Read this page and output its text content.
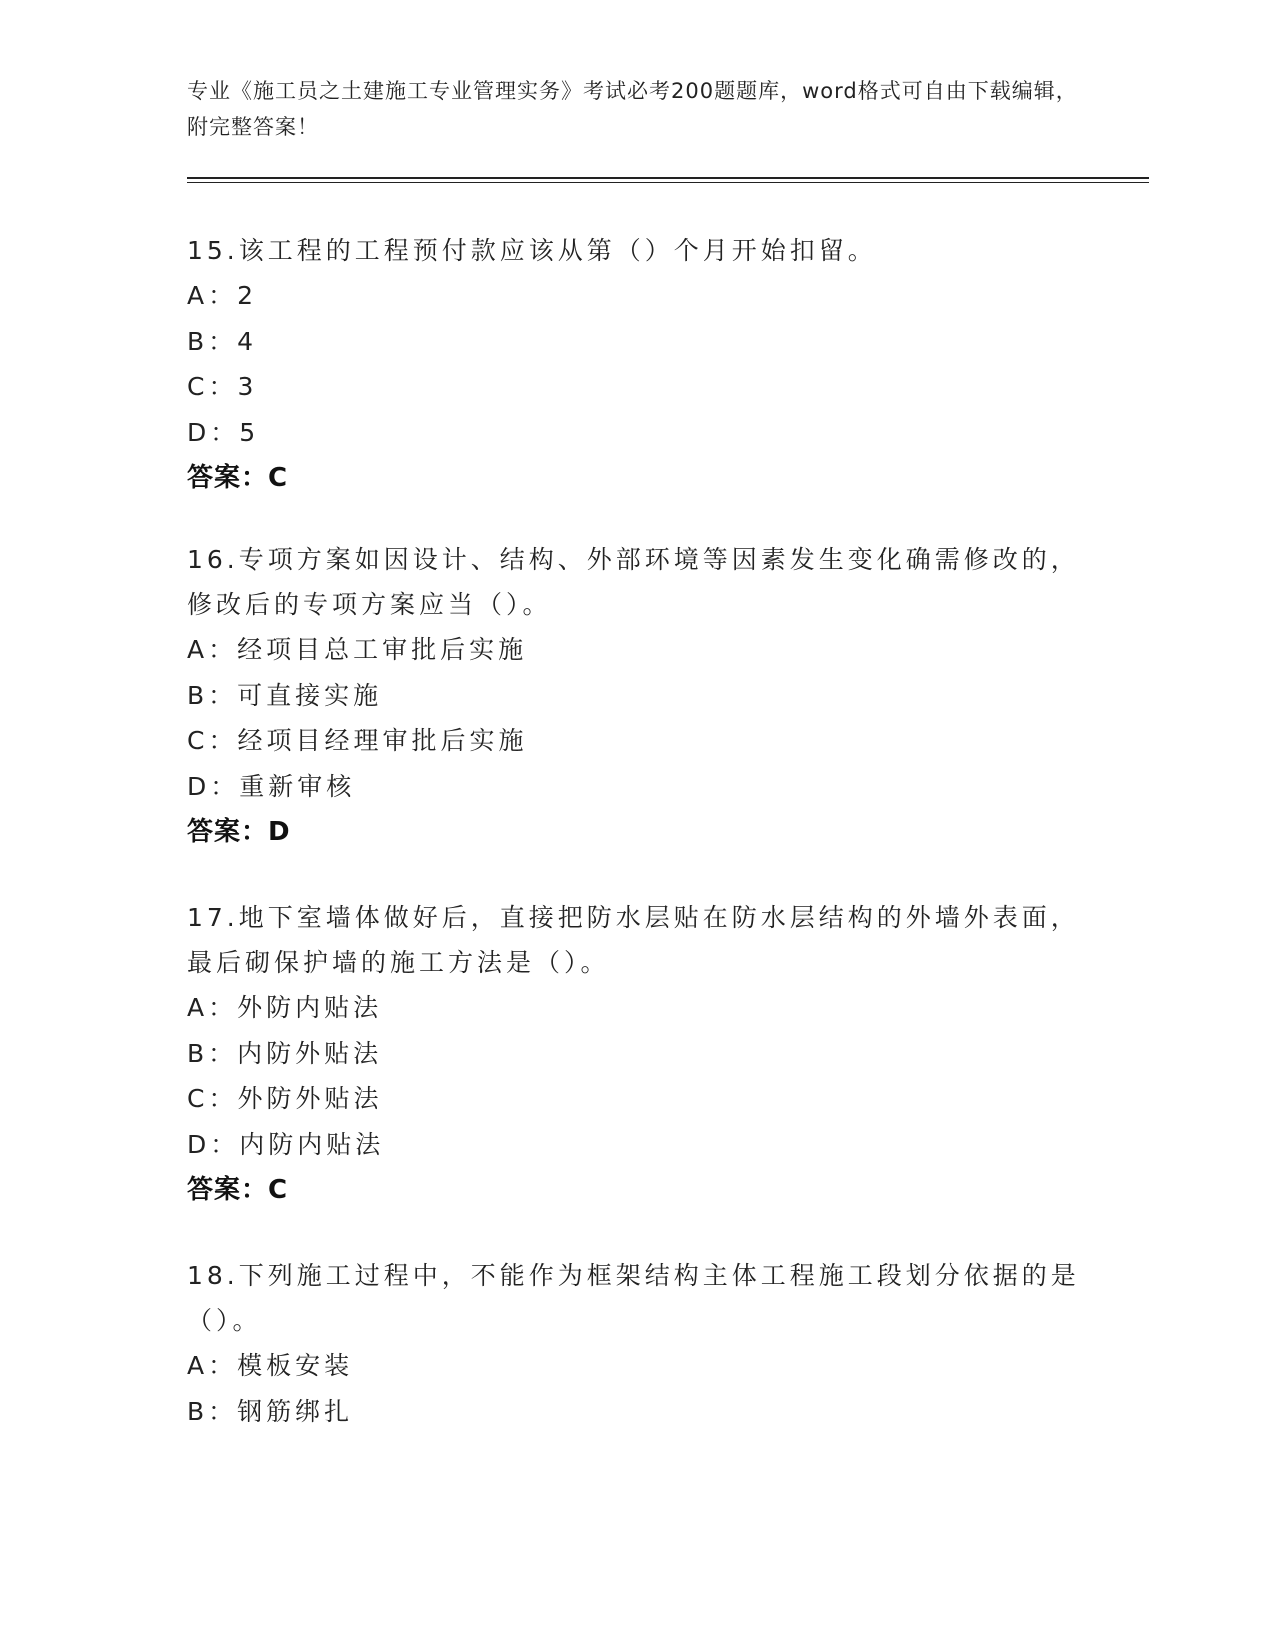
专业《施工员之土建施工专业管理实务》考试必考200题题库，word格式可自由下载编辑，附完整答案！

15.该工程的工程预付款应该从第（）个月开始扣留。

A：2
B：4
C：3
D：5
答案：C

16.专项方案如因设计、结构、外部环境等因素发生变化确需修改的，修改后的专项方案应当（）。

A：经项目总工审批后实施
B：可直接实施
C：经项目经理审批后实施
D：重新审核
答案：D

17.地下室墙体做好后，直接把防水层贴在防水层结构的外墙外表面，最后砌保护墙的施工方法是（）。

A：外防内贴法
B：内防外贴法
C：外防外贴法
D：内防内贴法
答案：C

18.下列施工过程中，不能作为框架结构主体工程施工段划分依据的是（）。

A：模板安装
B：钢筋绑扎
